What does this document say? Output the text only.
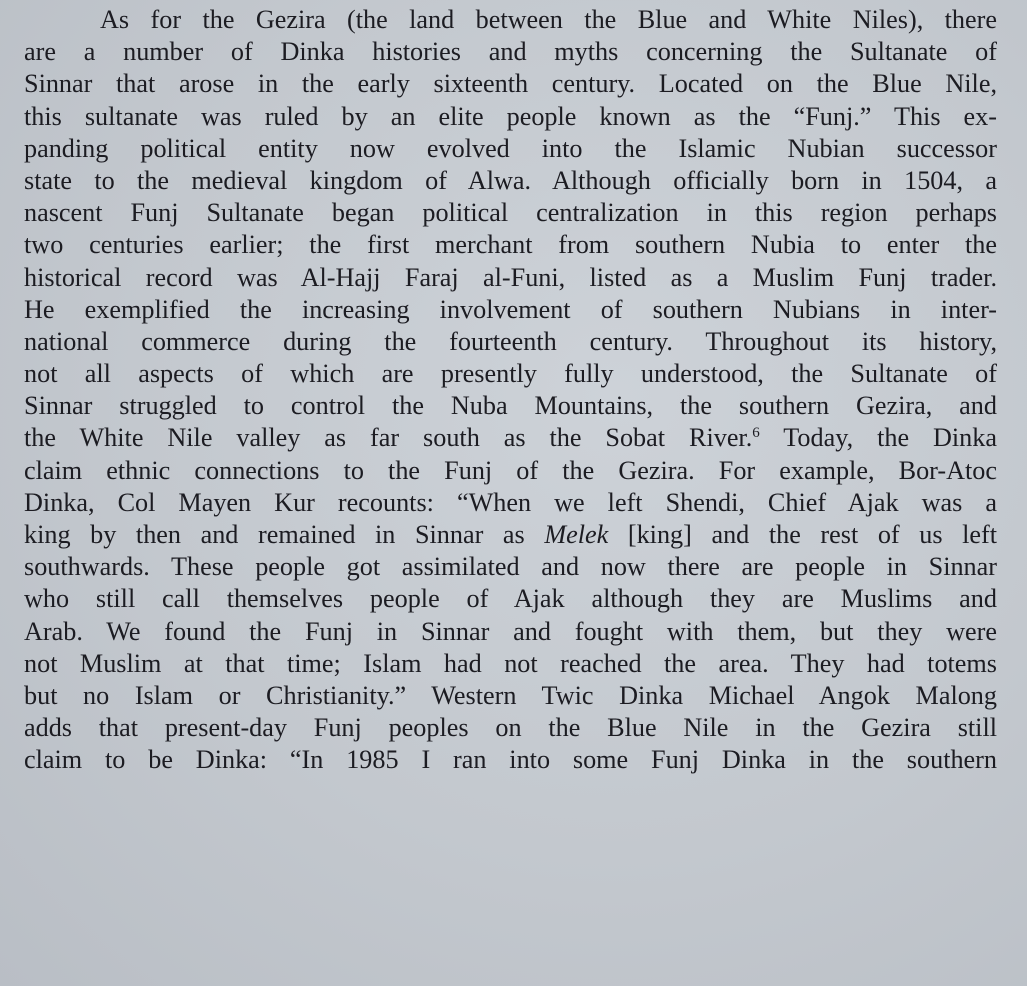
As for the Gezira (the land between the Blue and White Niles), there
are a number of Dinka histories and myths concerning the Sultanate of
Sinnar that arose in the early sixteenth century. Located on the Blue Nile,
this sultanate was ruled by an elite people known as the “Funj.” This ex-
panding political entity now evolved into the Islamic Nubian successor
state to the medieval kingdom of Alwa. Although officially born in 1504, a
nascent Funj Sultanate began political centralization in this region perhaps
two centuries earlier; the first merchant from southern Nubia to enter the
historical record was Al-Hajj Faraj al-Funi, listed as a Muslim Funj trader.
He exemplified the increasing involvement of southern Nubians in inter-
national commerce during the fourteenth century. Throughout its history,
not all aspects of which are presently fully understood, the Sultanate of
Sinnar struggled to control the Nuba Mountains, the southern Gezira, and
the White Nile valley as far south as the Sobat River.$^6$ Today, the Dinka
claim ethnic connections to the Funj of the Gezira. For example, Bor-Atoc
Dinka, Col Mayen Kur recounts: “When we left Shendi, Chief Ajak was a
king by then and remained in Sinnar as Melek [king] and the rest of us left
southwards. These people got assimilated and now there are people in Sinnar
who still call themselves people of Ajak although they are Muslims and
Arab. We found the Funj in Sinnar and fought with them, but they were
not Muslim at that time; Islam had not reached the area. They had totems
but no Islam or Christianity.” Western Twic Dinka Michael Angok Malong
adds that present-day Funj peoples on the Blue Nile in the Gezira still
claim to be Dinka: “In 1985 I ran into some Funj Dinka in the southern
